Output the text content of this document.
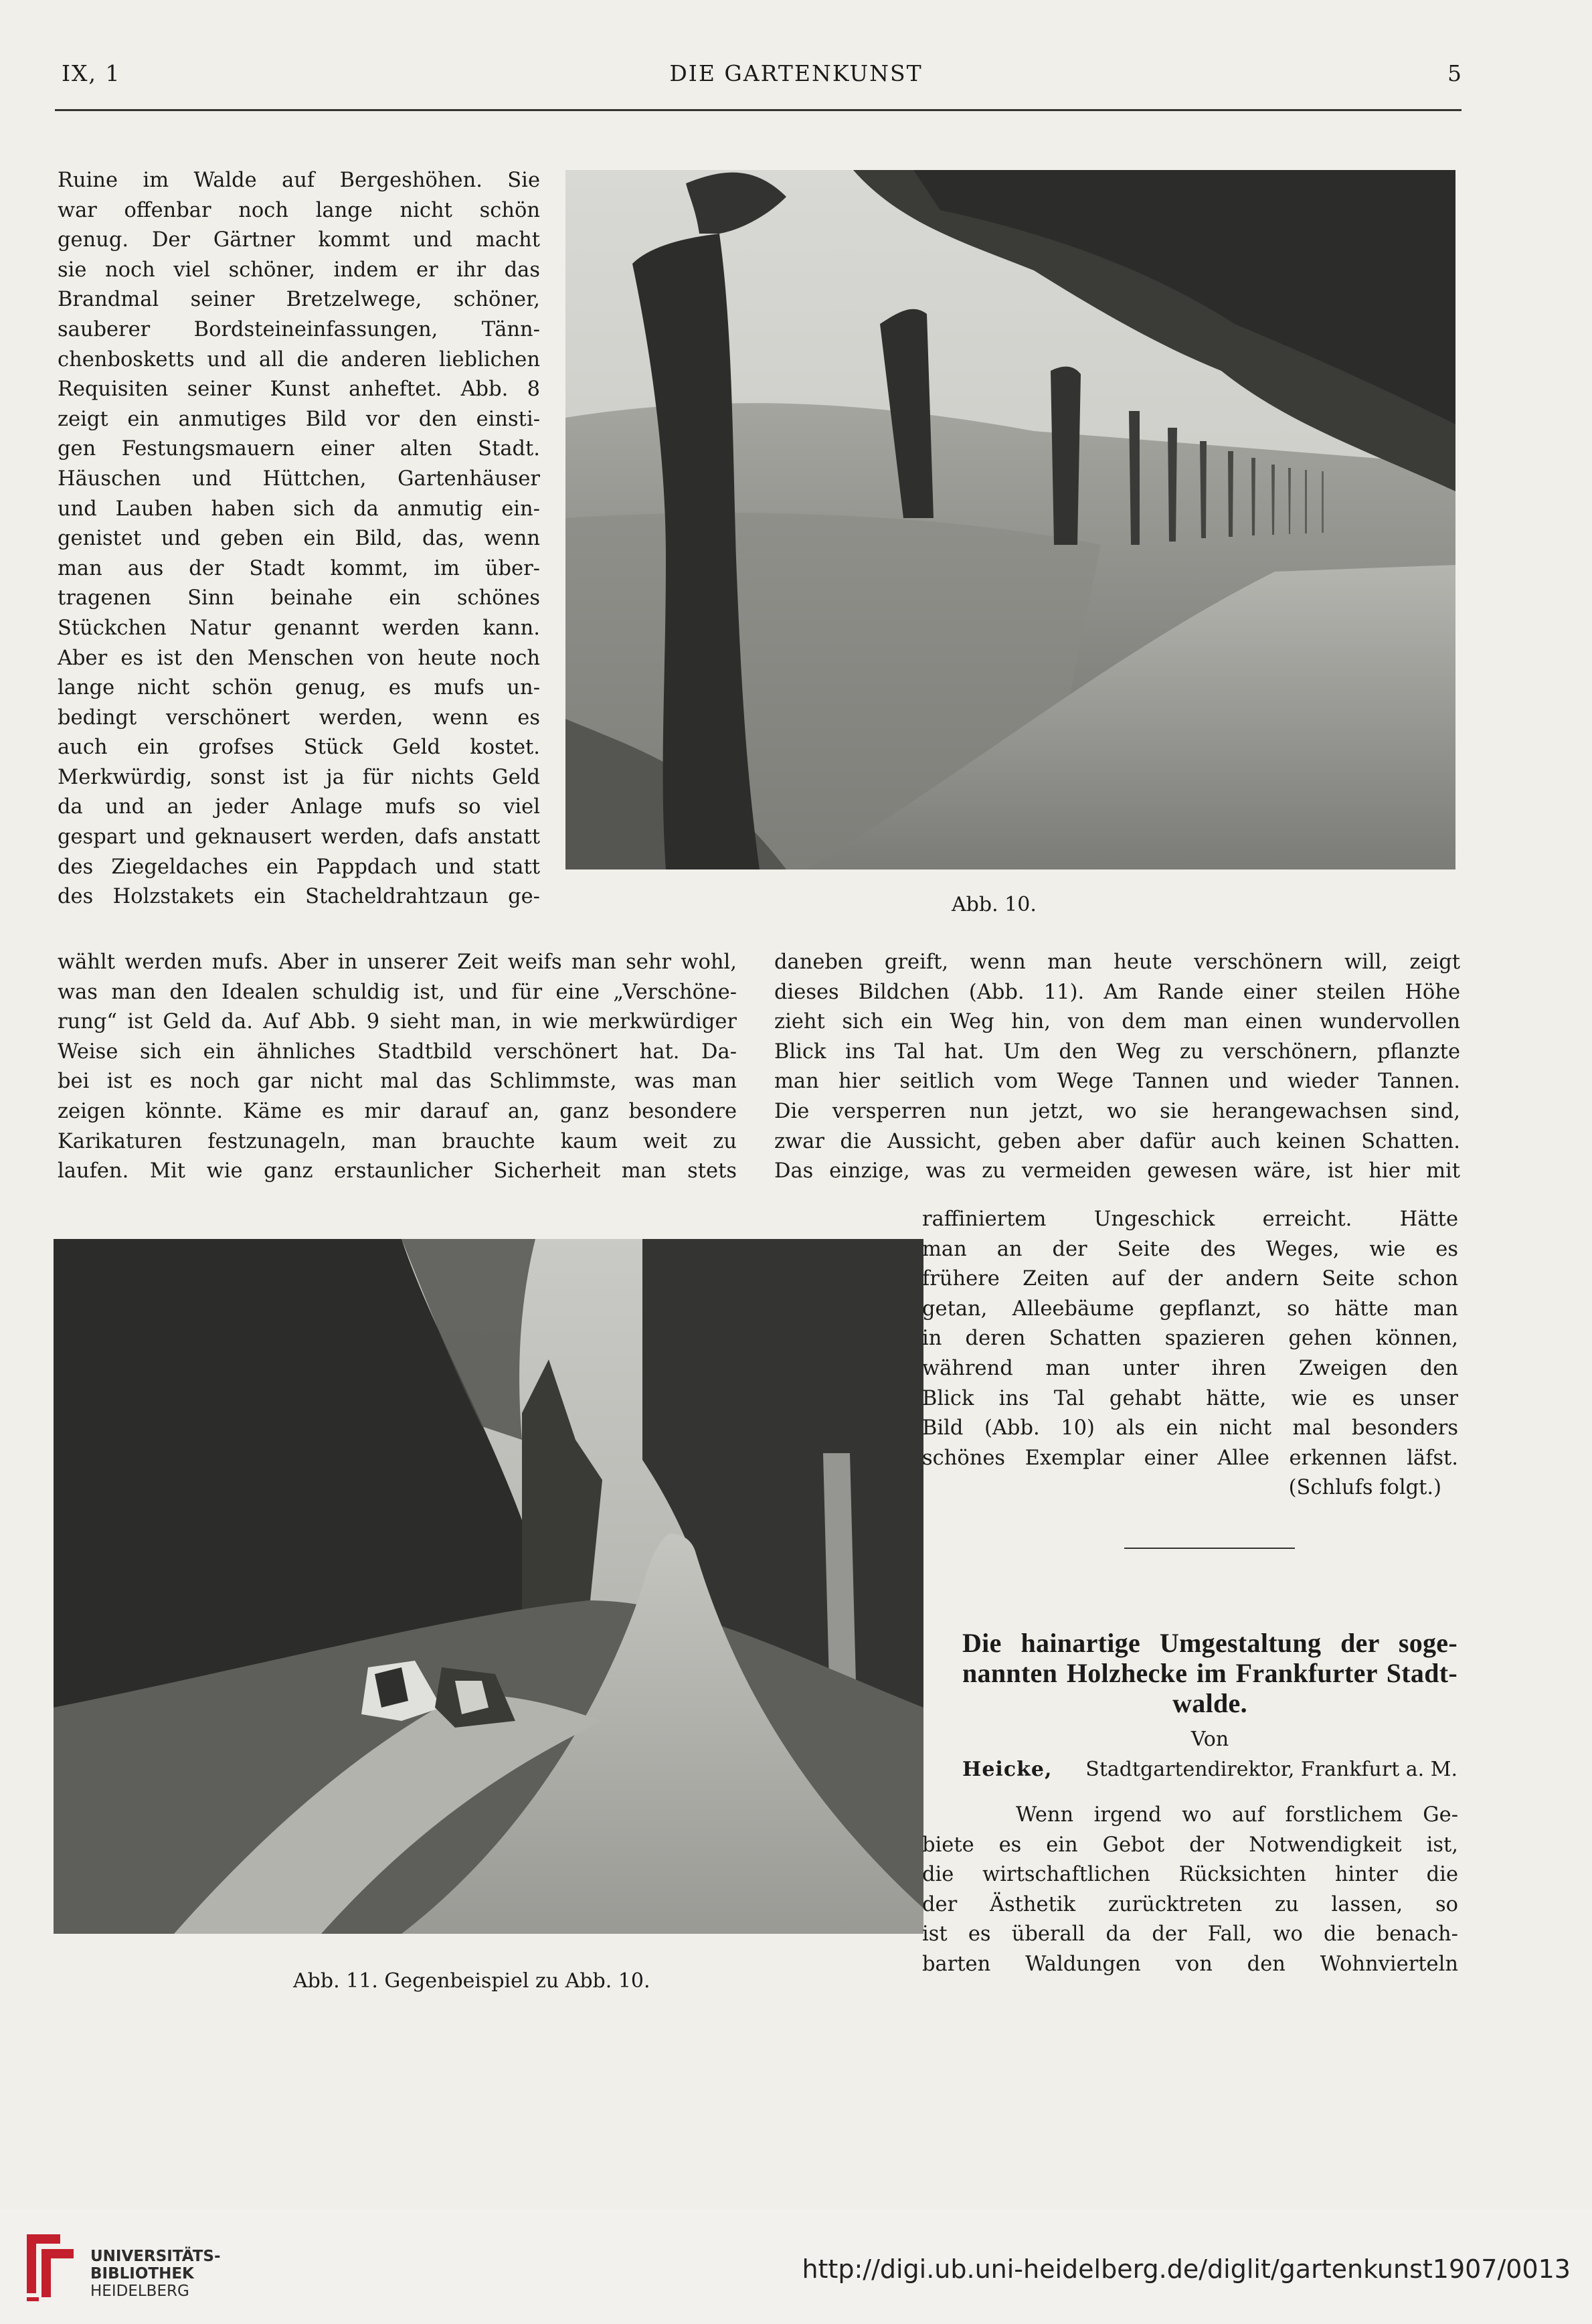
IX, 1	DIE GARTENKUNST	5
Ruine im Walde auf Bergeshöhen. Sie
war offenbar noch lange nicht schön
genug. Der Gärtner kommt und macht
sie noch viel schöner, indem er ihr das
Brandmal seiner Bretzelwege, schöner,
sauberer Bordsteineinfassungen, Tänn-
chenbosketts und all die anderen lieblichen
Requisiten seiner Kunst anheftet. Abb. 8
zeigt ein anmutiges Bild vor den einsti-
gen Festungsmauern einer alten Stadt.
Häuschen und Hüttchen, Gartenhäuser
und Lauben haben sich da anmutig ein-
genistet und geben ein Bild, das, wenn
man aus der Stadt kommt, im über-
tragenen Sinn beinahe ein schönes
Stückchen Natur genannt werden kann.
Aber es ist den Menschen von heute noch
lange nicht schön genug, es mufs un-
bedingt verschönert werden, wenn es
auch ein grofses Stück Geld kostet.
Merkwürdig, sonst ist ja für nichts Geld
da und an jeder Anlage mufs so viel
gespart und geknausert werden, dafs anstatt
des Ziegeldaches ein Pappdach und statt
des Holzstakets ein Stacheldrahtzaun ge-	Abb. 10.
wählt werden mufs. Aber in unserer Zeit weifs man sehr wohl,
was man den Idealen schuldig ist, und für eine „Verschöne-
rung“ ist Geld da. Auf Abb. 9 sieht man, in wie merkwürdiger
Weise sich ein ähnliches Stadtbild verschönert hat. Da-
bei ist es noch gar nicht mal das Schlimmste, was man
zeigen könnte. Käme es mir darauf an, ganz besondere
Karikaturen festzunageln, man brauchte kaum weit zu
laufen. Mit wie ganz erstaunlicher Sicherheit man stets
daneben greift, wenn man heute verschönern will, zeigt
dieses Bildchen (Abb. 11). Am Rande einer steilen Höhe
zieht sich ein Weg hin, von dem man einen wundervollen
Blick ins Tal hat. Um den Weg zu verschönern, pflanzte
man hier seitlich vom Wege Tannen und wieder Tannen.
Die versperren nun jetzt, wo sie herangewachsen sind,
zwar die Aussicht, geben aber dafür auch keinen Schatten.
Das einzige, was zu vermeiden gewesen wäre, ist hier mit
Abb. 11. Gegenbeispiel zu Abb. 10.
raffiniertem Ungeschick erreicht. Hätte
man an der Seite des Weges, wie es
frühere Zeiten auf der andern Seite schon
getan, Alleebäume gepflanzt, so hätte man
in deren Schatten spazieren gehen können,
während man unter ihren Zweigen den
Blick ins Tal gehabt hätte, wie es unser
Bild (Abb. 10) als ein nicht mal besonders
schönes Exemplar einer Allee erkennen läfst.
(Schlufs folgt.)
Die hainartige Umgestaltung der soge-
nannten Holzhecke im Frankfurter Stadt-
walde.
Von
Heicke, Stadtgartendirektor, Frankfurt a. M.
Wenn irgend wo auf forstlichem Ge-
biete es ein Gebot der Notwendigkeit ist,
die wirtschaftlichen Rücksichten hinter die
der Ästhetik zurücktreten zu lassen, so
ist es überall da der Fall, wo die benach-
barten Waldungen von den Wohnvierteln
UNIVERSITÄTS-
BIBLIOTHEK
HEIDELBERG
http://digi.ub.uni-heidelberg.de/diglit/gartenkunst1907/0013
